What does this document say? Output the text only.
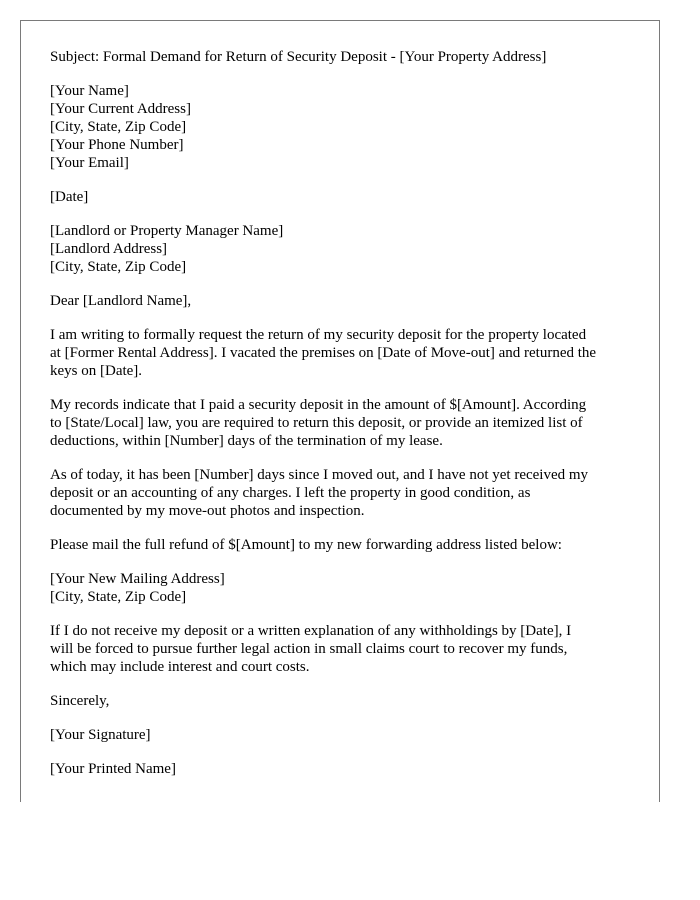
Subject: Formal Demand for Return of Security Deposit - [Your Property Address]
[Your Name]
[Your Current Address]
[City, State, Zip Code]
[Your Phone Number]
[Your Email]
[Date]
[Landlord or Property Manager Name]
[Landlord Address]
[City, State, Zip Code]
Dear [Landlord Name],
I am writing to formally request the return of my security deposit for the property located
at [Former Rental Address]. I vacated the premises on [Date of Move-out] and returned the
keys on [Date].
My records indicate that I paid a security deposit in the amount of $[Amount]. According
to [State/Local] law, you are required to return this deposit, or provide an itemized list of
deductions, within [Number] days of the termination of my lease.
As of today, it has been [Number] days since I moved out, and I have not yet received my
deposit or an accounting of any charges. I left the property in good condition, as
documented by my move-out photos and inspection.
Please mail the full refund of $[Amount] to my new forwarding address listed below:
[Your New Mailing Address]
[City, State, Zip Code]
If I do not receive my deposit or a written explanation of any withholdings by [Date], I
will be forced to pursue further legal action in small claims court to recover my funds,
which may include interest and court costs.
Sincerely,
[Your Signature]
[Your Printed Name]
